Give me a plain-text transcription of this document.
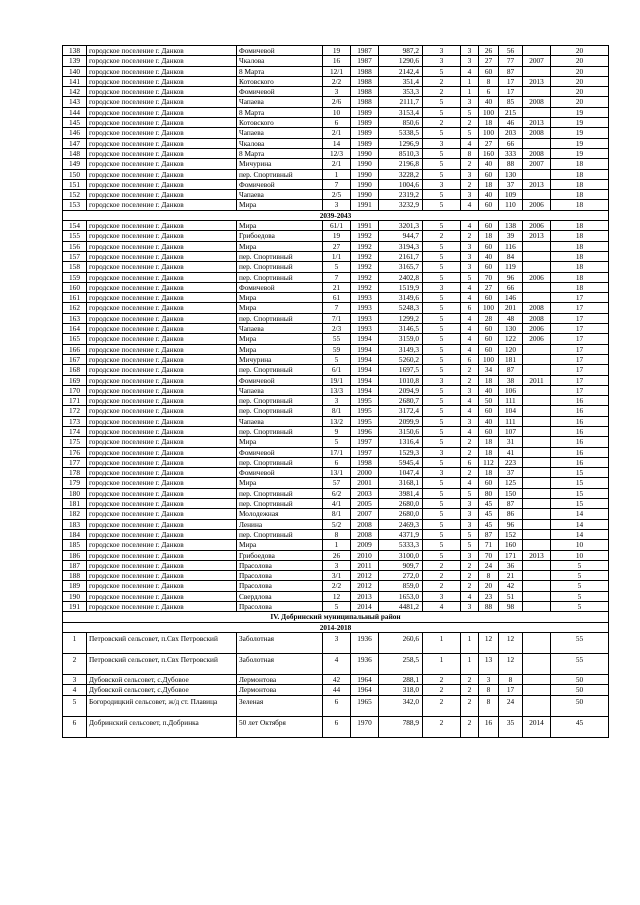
138	городское поселение г. Данков	Фомичевой	19	1987	987,2	3	3	26	56		20
139	городское поселение г. Данков	Чкалова	16	1987	1290,6	3	3	27	77	2007	20
140	городское поселение г. Данков	8 Марта	12/1	1988	2142,4	5	4	60	87		20
141	городское поселение г. Данков	Котовского	2/2	1988	351,4	2	1	8	17	2013	20
142	городское поселение г. Данков	Фомичевой	3	1988	353,3	2	1	6	17		20
143	городское поселение г. Данков	Чапаева	2/6	1988	2111,7	5	3	40	85	2008	20
144	городское поселение г. Данков	8 Марта	10	1989	3153,4	5	5	100	215		19
145	городское поселение г. Данков	Котовского	6	1989	850,6	2	2	18	46	2013	19
146	городское поселение г. Данков	Чапаева	2/1	1989	5338,5	5	5	100	203	2008	19
147	городское поселение г. Данков	Чкалова	14	1989	1296,9	3	4	27	66		19
148	городское поселение г. Данков	8 Марта	12/3	1990	8510,3	5	8	160	333	2008	19
149	городское поселение г. Данков	Мичурина	2/1	1990	2196,8	5	2	40	88	2007	18
150	городское поселение г. Данков	пер. Спортивный	1	1990	3228,2	5	3	60	130		18
151	городское поселение г. Данков	Фомичевой	7	1990	1004,6	3	2	18	37	2013	18
152	городское поселение г. Данков	Чапаева	2/5	1990	2319,2	5	3	40	109		18
153	городское поселение г. Данков	Мира	3	1991	3232,9	5	4	60	110	2006	18
2039-2043											
154	городское поселение г. Данков	Мира	61/1	1991	3201,3	5	4	60	138	2006	18
155	городское поселение г. Данков	Грибоедова	19	1992	944,7	2	2	18	39	2013	18
156	городское поселение г. Данков	Мира	27	1992	3194,3	5	3	60	116		18
157	городское поселение г. Данков	пер. Спортивный	1/1	1992	2161,7	5	3	40	84		18
158	городское поселение г. Данков	пер. Спортивный	5	1992	3165,7	5	3	60	119		18
159	городское поселение г. Данков	пер. Спортивный	7	1992	2402,8	5	5	70	96	2006	18
160	городское поселение г. Данков	Фомичевой	21	1992	1519,9	3	4	27	66		18
161	городское поселение г. Данков	Мира	61	1993	3149,6	5	4	60	146		17
162	городское поселение г. Данков	Мира	7	1993	5248,3	5	6	100	201	2008	17
163	городское поселение г. Данков	пер. Спортивный	7/1	1993	1299,2	5	4	28	48	2008	17
164	городское поселение г. Данков	Чапаева	2/3	1993	3146,5	5	4	60	130	2006	17
165	городское поселение г. Данков	Мира	55	1994	3159,0	5	4	60	122	2006	17
166	городское поселение г. Данков	Мира	59	1994	3149,3	5	4	60	120		17
167	городское поселение г. Данков	Мичурина	5	1994	5260,2	5	6	100	181		17
168	городское поселение г. Данков	пер. Спортивный	6/1	1994	1697,5	5	2	34	87		17
169	городское поселение г. Данков	Фомичевой	19/1	1994	1010,8	3	2	18	38	2011	17
170	городское поселение г. Данков	Чапаева	13/3	1994	2094,9	5	3	40	106		17
171	городское поселение г. Данков	пер. Спортивный	3	1995	2680,7	5	4	50	111		16
172	городское поселение г. Данков	пер. Спортивный	8/1	1995	3172,4	5	4	60	104		16
173	городское поселение г. Данков	Чапаева	13/2	1995	2099,9	5	3	40	111		16
174	городское поселение г. Данков	пер. Спортивный	9	1996	3150,6	5	4	60	107		16
175	городское поселение г. Данков	Мира	5	1997	1316,4	5	2	18	31		16
176	городское поселение г. Данков	Фомичевой	17/1	1997	1529,3	3	2	18	41		16
177	городское поселение г. Данков	пер. Спортивный	6	1998	5945,4	5	6	112	223		16
178	городское поселение г. Данков	Фомичевой	13/1	2000	1047,4	3	2	18	37		15
179	городское поселение г. Данков	Мира	57	2001	3168,1	5	4	60	125		15
180	городское поселение г. Данков	пер. Спортивный	6/2	2003	3981,4	5	5	80	150		15
181	городское поселение г. Данков	пер. Спортивный	4/1	2005	2680,0	5	3	45	87		15
182	городское поселение г. Данков	Молодежная	8/1	2007	2680,0	5	3	45	86		14
183	городское поселение г. Данков	Ленина	5/2	2008	2469,3	5	3	45	96		14
184	городское поселение г. Данков	пер. Спортивный	8	2008	4371,9	5	5	87	152		14
185	городское поселение г. Данков	Мира	1	2009	5333,3	5	5	71	160		10
186	городское поселение г. Данков	Грибоедова	26	2010	3100,0	5	3	70	171	2013	10
187	городское поселение г. Данков	Прасолова	3	2011	909,7	2	2	24	36		5
188	городское поселение г. Данков	Прасолова	3/1	2012	272,0	2	2	8	21		5
189	городское поселение г. Данков	Прасолова	2/2	2012	859,0	2	2	20	42		5
190	городское поселение г. Данков	Свердлова	12	2013	1653,0	3	4	23	51		5
191	городское поселение г. Данков	Прасолова	5	2014	4481,2	4	3	88	98		5
IV. Добринский муниципальный район											
2014-2018											
1	Петровский сельсовет, п.Свх Петровский	Заболотная	3	1936	260,6	1	1	12	12		55
2	Петровский сельсовет, п.Свх Петровский	Заболотная	4	1936	258,5	1	1	13	12		55
3	Дубовской сельсовет, с.Дубовое	Лермонтова	42	1964	288,1	2	2	3	8		50
4	Дубовской сельсовет, с.Дубовое	Лермонтова	44	1964	318,0	2	2	8	17		50
5	Богородицкий сельсовет, ж/д ст. Плавица	Зеленая	6	1965	342,0	2	2	8	24		50
6	Добринский сельсовет, п.Добринка	50 лет Октября	6	1970	788,9	2	2	16	35	2014	45
